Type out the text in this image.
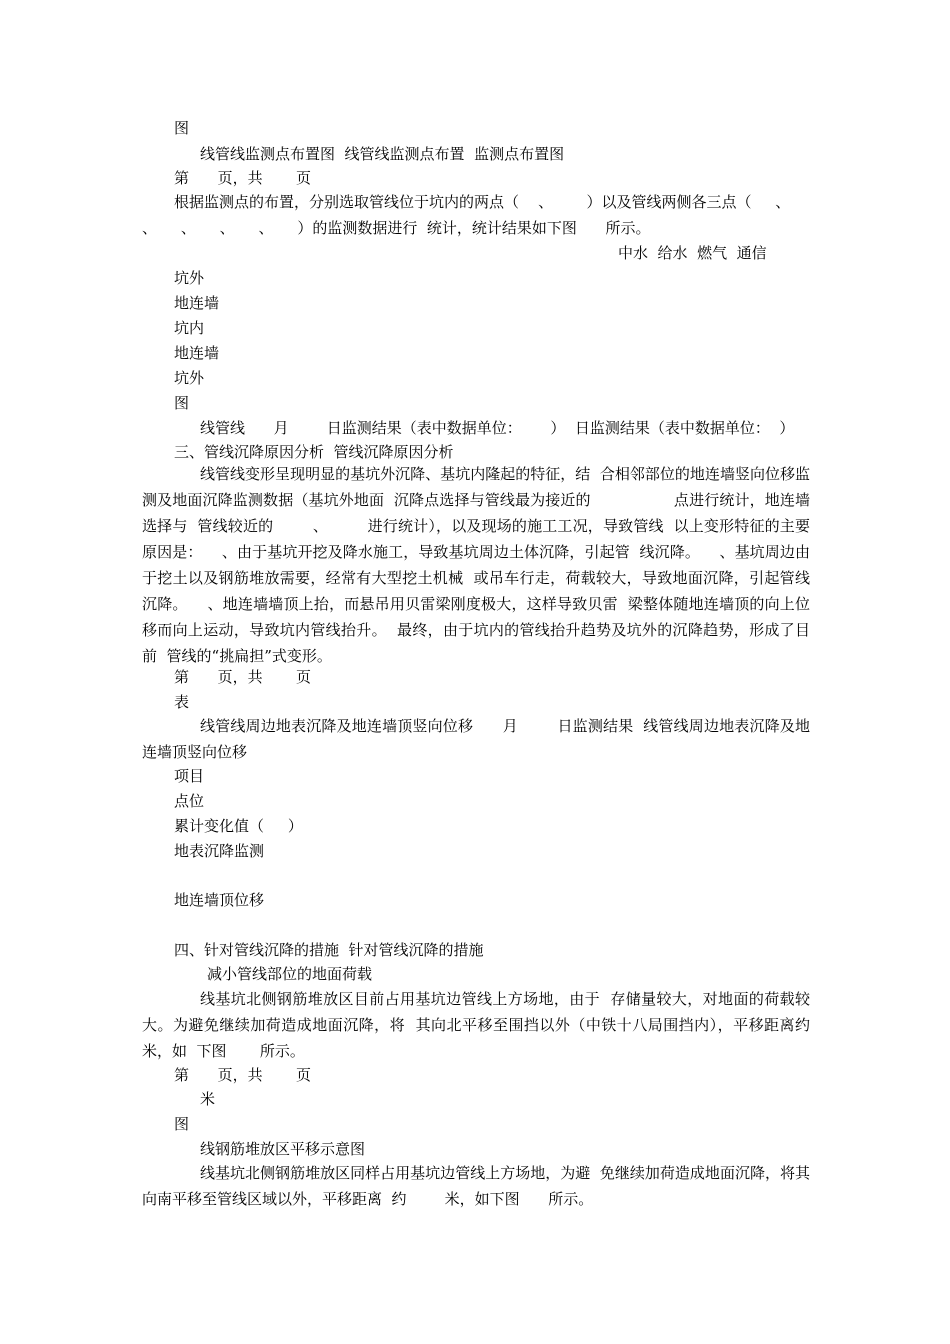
图
线管线监测点布置图  线管线监测点布置  监测点布置图
第      页，共       页
根据监测点的布置，分别选取管线位于坑内的两点（    、       ）以及管线两侧各三点（     、
、     、     、     、     ）的监测数据进行  统计，统计结果如下图      所示。
中水  给水  燃气  通信
坑外
地连墙
坑内
地连墙
坑外
图
线管线      月        日监测结果（表中数据单位：      ）  日监测结果（表中数据单位：  ）
三、管线沉降原因分析  管线沉降原因分析
线管线变形呈现明显的基坑外沉降、基坑内隆起的特征，结  合相邻部位的地连墙竖向位移监测及地面沉降监测数据（基坑外地面  沉降点选择与管线最为接近的                 点进行统计，地连墙选择与  管线较近的        、        进行统计），以及现场的施工工况，导致管线  以上变形特征的主要原因是：    、由于基坑开挖及降水施工，导致基坑周边土体沉降，引起管  线沉降。    、基坑周边由于挖土以及钢筋堆放需要，经常有大型挖土机械  或吊车行走，荷载较大，导致地面沉降，引起管线沉降。    、地连墙墙顶上抬，而悬吊用贝雷梁刚度极大，这样导致贝雷  梁整体随地连墙顶的向上位移而向上运动，导致坑内管线抬升。  最终，由于坑内的管线抬升趋势及坑外的沉降趋势，形成了目前  管线的“挑扁担”式变形。
第      页，共       页
表
线管线周边地表沉降及地连墙顶竖向位移      月        日监测结果  线管线周边地表沉降及地连墙顶竖向位移
项目
点位
累计变化值（     ）
地表沉降监测
地连墙顶位移
四、针对管线沉降的措施  针对管线沉降的措施
减小管线部位的地面荷载
线基坑北侧钢筋堆放区目前占用基坑边管线上方场地，由于  存储量较大，对地面的荷载较大。为避免继续加荷造成地面沉降，将  其向北平移至围挡以外（中铁十八局围挡内），平移距离约        米，如  下图       所示。
第      页，共       页
米
图
线钢筋堆放区平移示意图
线基坑北侧钢筋堆放区同样占用基坑边管线上方场地，为避  免继续加荷造成地面沉降，将其向南平移至管线区域以外，平移距离  约        米，如下图      所示。
